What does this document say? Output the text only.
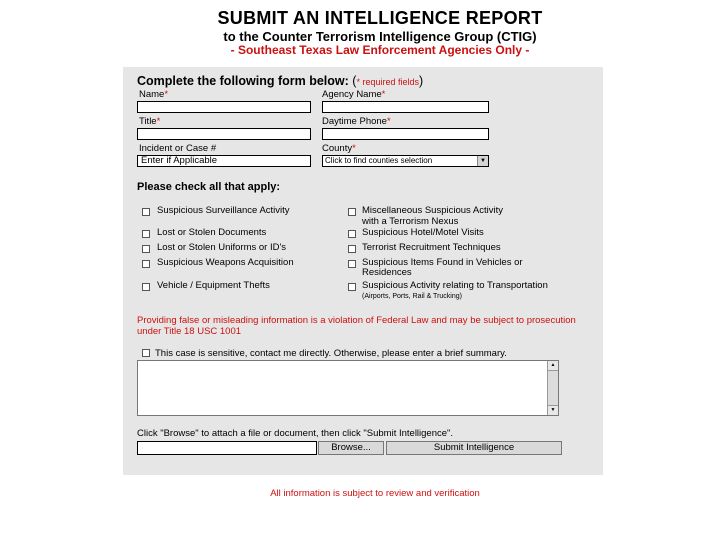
SUBMIT AN INTELLIGENCE REPORT
to the Counter Terrorism Intelligence Group (CTIG)
- Southeast Texas Law Enforcement Agencies Only -
Complete the following form below: (* required fields)
Name*	Agency Name*
Title*	Daytime Phone*
Incident or Case #
Enter if Applicable
County*
Click to find counties selection	▼
Please check all that apply:
Suspicious Surveillance Activity
Lost or Stolen Documents
Lost or Stolen Uniforms or ID's
Suspicious Weapons Acquisition
Vehicle / Equipment Thefts
Miscellaneous Suspicious Activity
with a Terrorism Nexus
Suspicious Hotel/Motel Visits
Terrorist Recruitment Techniques
Suspicious Items Found in Vehicles or
Residences
Suspicious Activity relating to Transportation
(Airports, Ports, Rail & Trucking)
Providing false or misleading information is a violation of Federal Law and may be subject to prosecution under Title 18 USC 1001
This case is sensitive, contact me directly. Otherwise, please enter a brief summary.
▲
▼
Click "Browse" to attach a file or document, then click "Submit Intelligence".
Browse...	Submit Intelligence
All information is subject to review and verification
